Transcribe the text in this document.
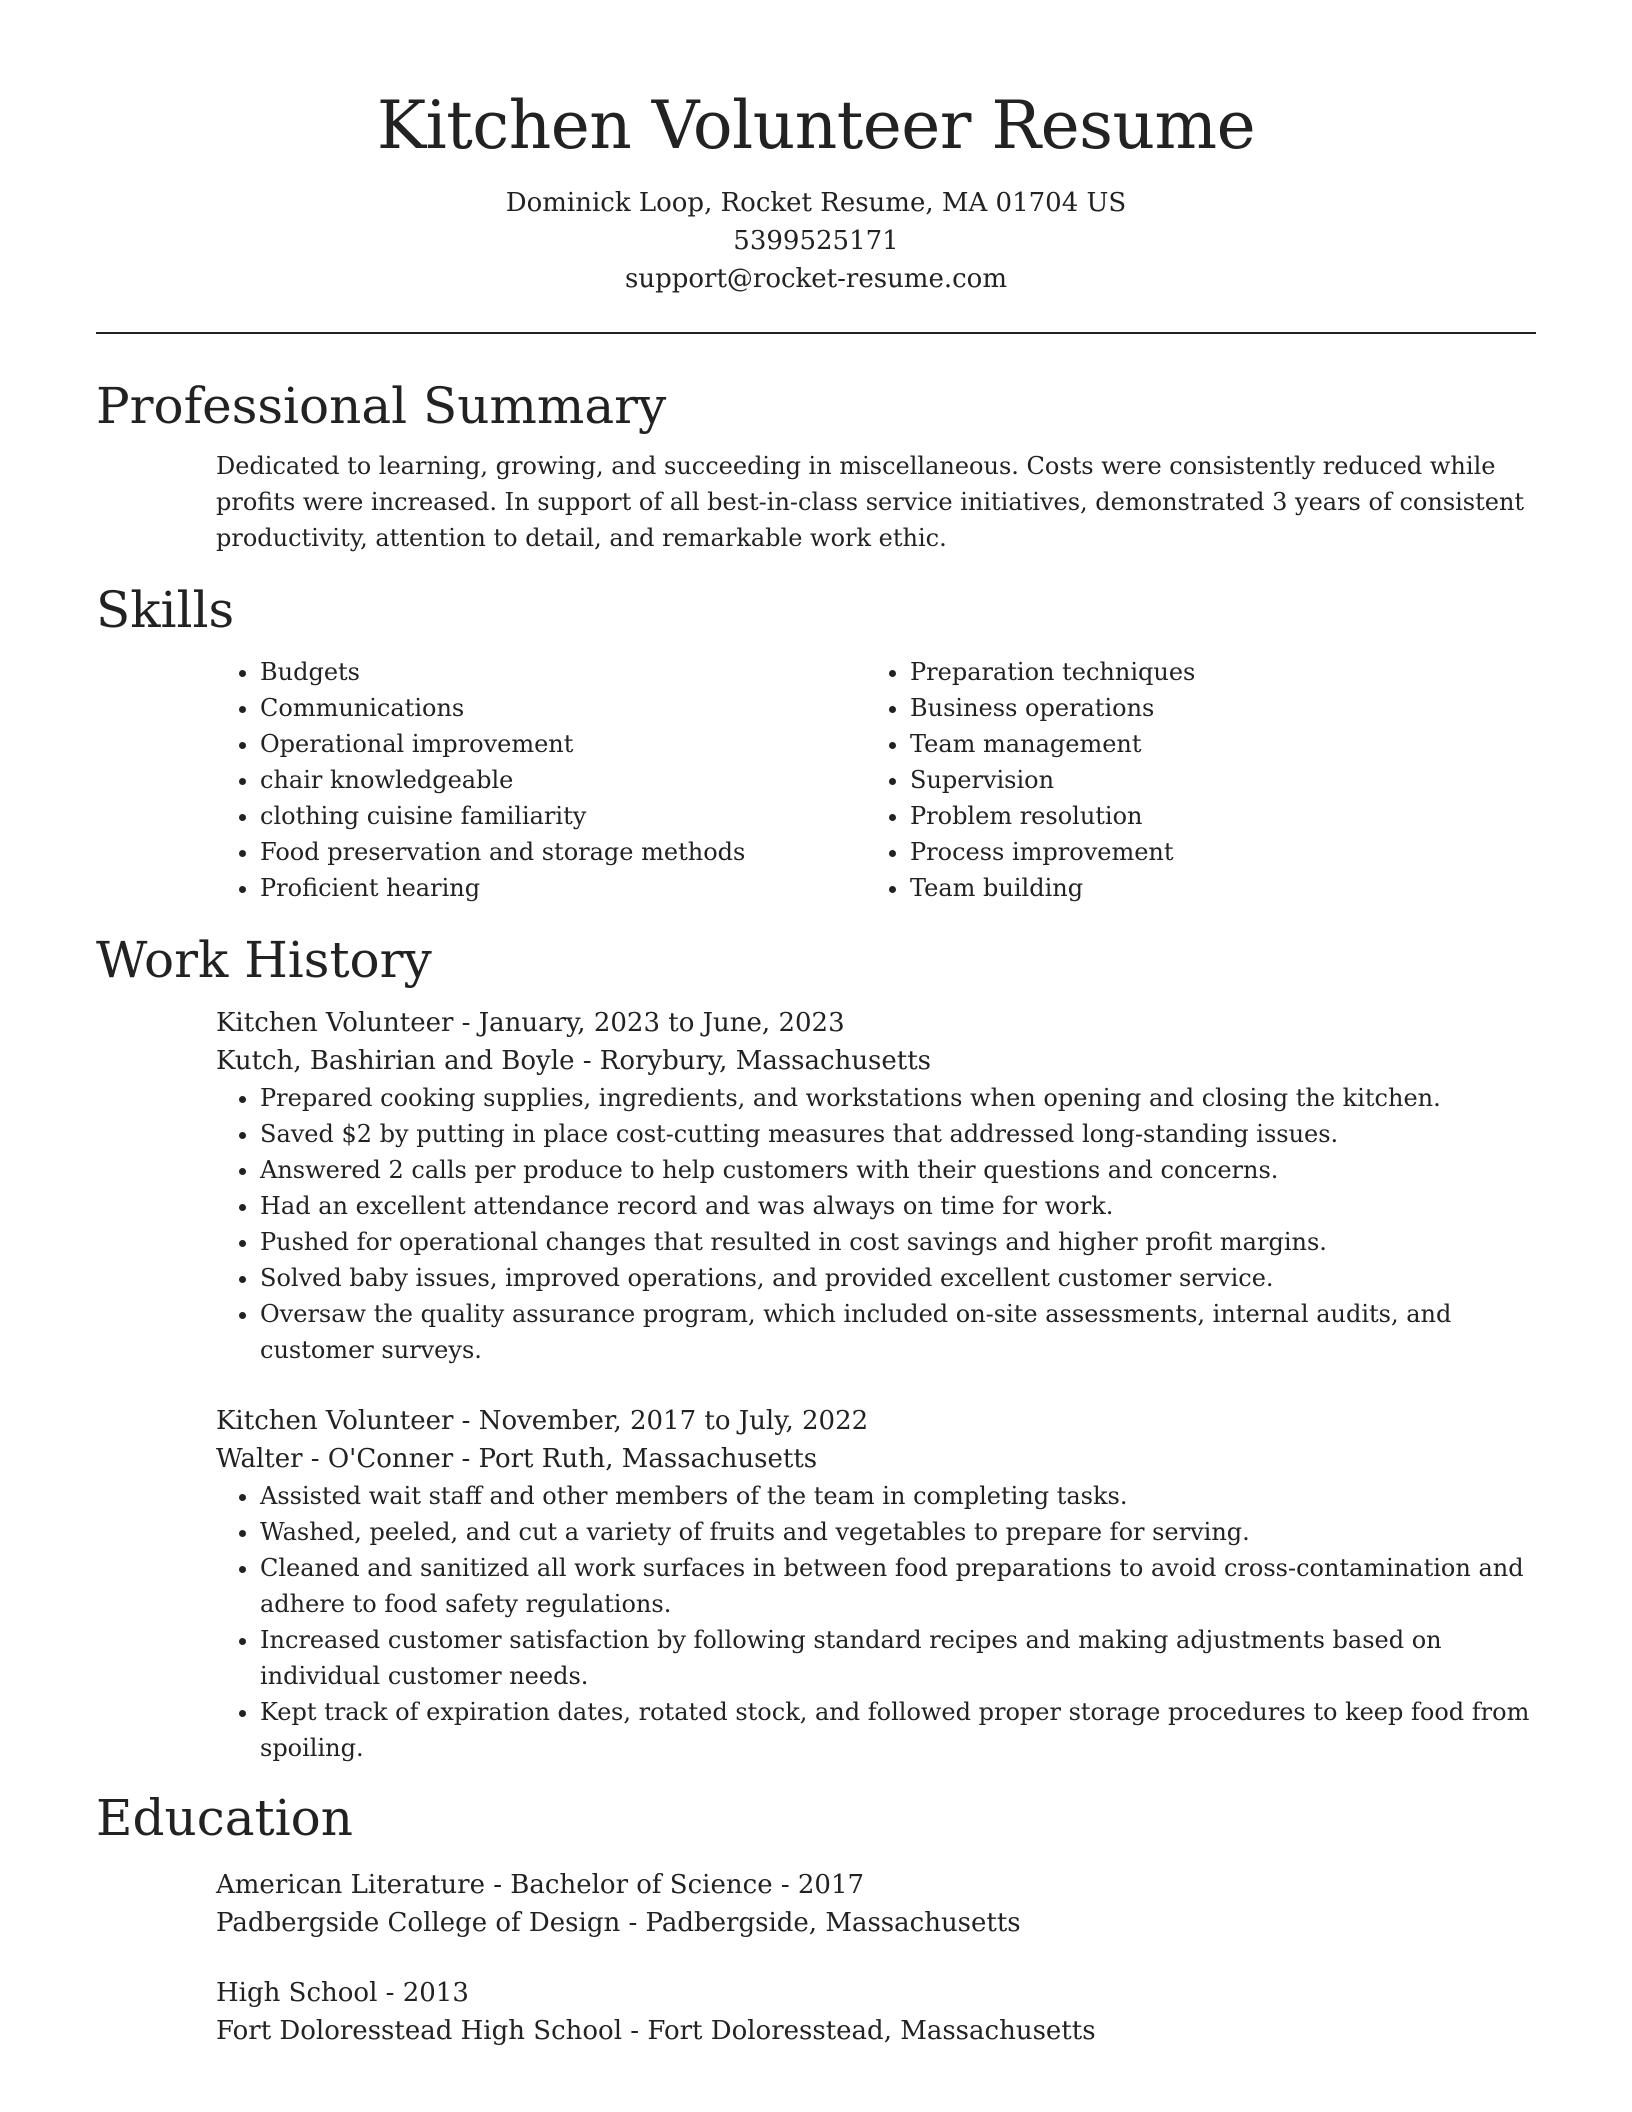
Kitchen Volunteer Resume
Dominick Loop, Rocket Resume, MA 01704 US
5399525171
support@rocket-resume.com
Professional Summary
Dedicated to learning, growing, and succeeding in miscellaneous. Costs were consistently reduced while profits were increased. In support of all best-in-class service initiatives, demonstrated 3 years of consistent productivity, attention to detail, and remarkable work ethic.
Skills
• Budgets
• Communications
• Operational improvement
• chair knowledgeable
• clothing cuisine familiarity
• Food preservation and storage methods
• Proficient hearing
• Preparation techniques
• Business operations
• Team management
• Supervision
• Problem resolution
• Process improvement
• Team building
Work History
Kitchen Volunteer - January, 2023 to June, 2023
Kutch, Bashirian and Boyle - Rorybury, Massachusetts
• Prepared cooking supplies, ingredients, and workstations when opening and closing the kitchen.
• Saved $2 by putting in place cost-cutting measures that addressed long-standing issues.
• Answered 2 calls per produce to help customers with their questions and concerns.
• Had an excellent attendance record and was always on time for work.
• Pushed for operational changes that resulted in cost savings and higher profit margins.
• Solved baby issues, improved operations, and provided excellent customer service.
• Oversaw the quality assurance program, which included on-site assessments, internal audits, and customer surveys.
Kitchen Volunteer - November, 2017 to July, 2022
Walter - O'Conner - Port Ruth, Massachusetts
• Assisted wait staff and other members of the team in completing tasks.
• Washed, peeled, and cut a variety of fruits and vegetables to prepare for serving.
• Cleaned and sanitized all work surfaces in between food preparations to avoid cross-contamination and adhere to food safety regulations.
• Increased customer satisfaction by following standard recipes and making adjustments based on individual customer needs.
• Kept track of expiration dates, rotated stock, and followed proper storage procedures to keep food from spoiling.
Education
American Literature - Bachelor of Science - 2017
Padbergside College of Design - Padbergside, Massachusetts
High School - 2013
Fort Doloresstead High School - Fort Doloresstead, Massachusetts
